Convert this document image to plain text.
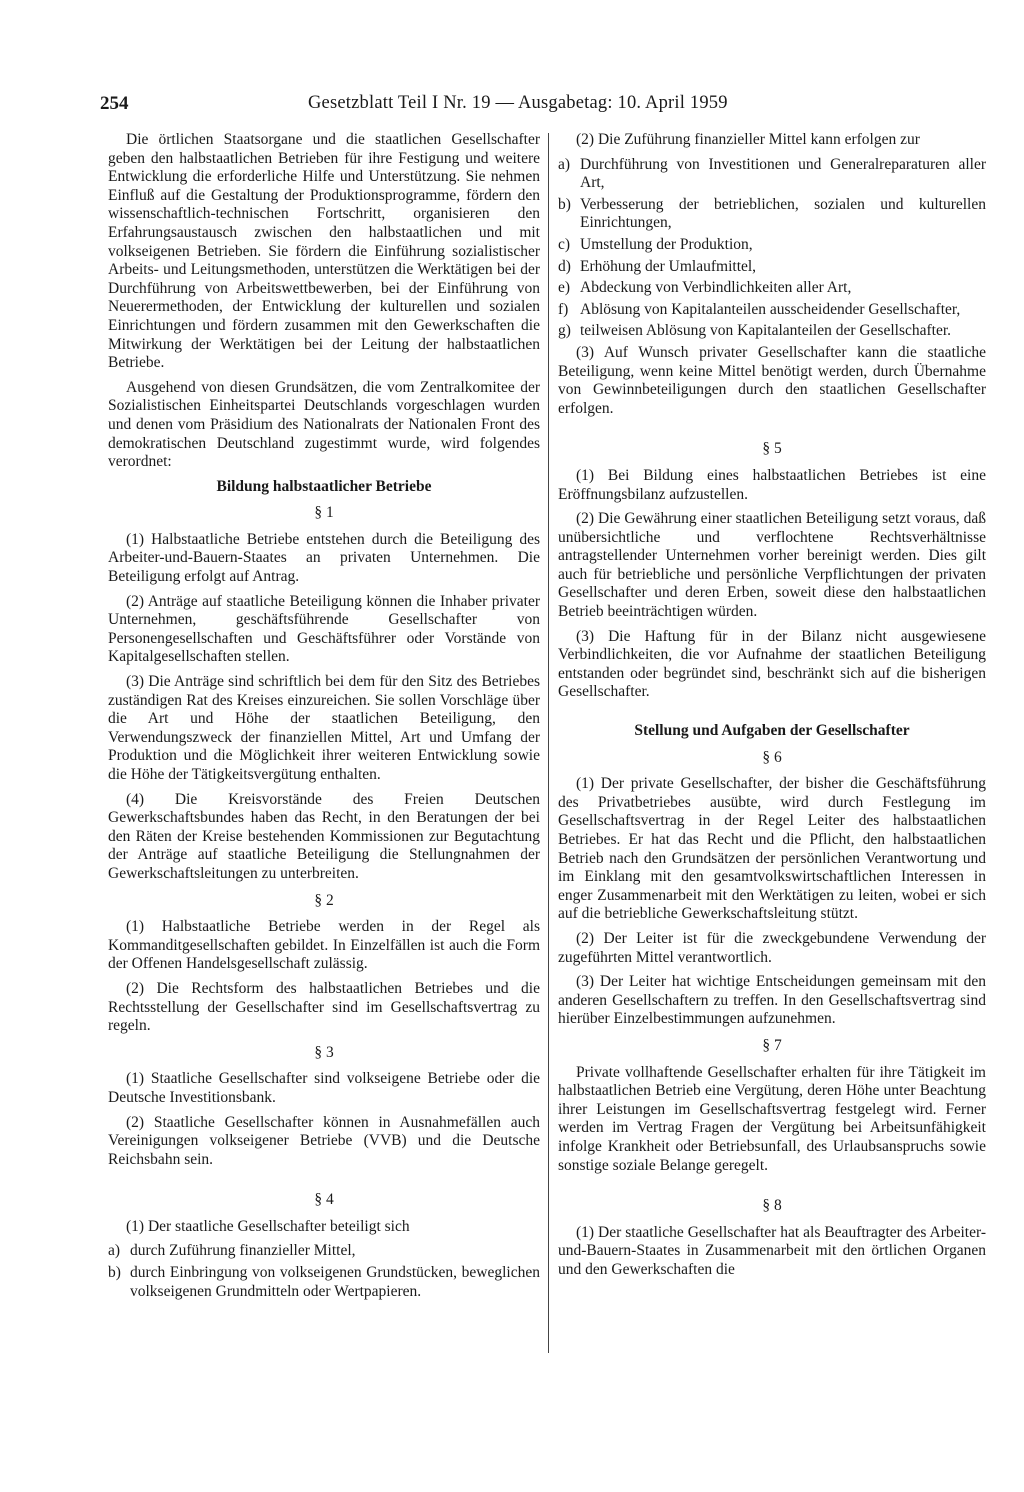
254	Gesetzblatt Teil I Nr. 19 — Ausgabetag: 10. April 1959

Die örtlichen Staatsorgane und die staatlichen Gesellschafter geben den halbstaatlichen Betrieben für ihre Festigung und weitere Entwicklung die erforderliche Hilfe und Unterstützung. Sie nehmen Einfluß auf die Gestaltung der Produktionsprogramme, fördern den wissenschaftlich-technischen Fortschritt, organisieren den Erfahrungsaustausch zwischen den halbstaatlichen und mit volkseigenen Betrieben. Sie fördern die Einführung sozialistischer Arbeits- und Leitungsmethoden, unterstützen die Werktätigen bei der Durchführung von Arbeitswettbewerben, bei der Einführung von Neuerermethoden, der Entwicklung der kulturellen und sozialen Einrichtungen und fördern zusammen mit den Gewerkschaften die Mitwirkung der Werktätigen bei der Leitung der halbstaatlichen Betriebe.

Ausgehend von diesen Grundsätzen, die vom Zentralkomitee der Sozialistischen Einheitspartei Deutschlands vorgeschlagen wurden und denen vom Präsidium des Nationalrats der Nationalen Front des demokratischen Deutschland zugestimmt wurde, wird folgendes verordnet:

Bildung halbstaatlicher Betriebe
§ 1

(1) Halbstaatliche Betriebe entstehen durch die Beteiligung des Arbeiter-und-Bauern-Staates an privaten Unternehmen. Die Beteiligung erfolgt auf Antrag.

(2) Anträge auf staatliche Beteiligung können die Inhaber privater Unternehmen, geschäftsführende Gesellschafter von Personengesellschaften und Geschäftsführer oder Vorstände von Kapitalgesellschaften stellen.

(3) Die Anträge sind schriftlich bei dem für den Sitz des Betriebes zuständigen Rat des Kreises einzureichen. Sie sollen Vorschläge über die Art und Höhe der staatlichen Beteiligung, den Verwendungszweck der finanziellen Mittel, Art und Umfang der Produktion und die Möglichkeit ihrer weiteren Entwicklung sowie die Höhe der Tätigkeitsvergütung enthalten.

(4) Die Kreisvorstände des Freien Deutschen Gewerkschaftsbundes haben das Recht, in den Beratungen der bei den Räten der Kreise bestehenden Kommissionen zur Begutachtung der Anträge auf staatliche Beteiligung die Stellungnahmen der Gewerkschaftsleitungen zu unterbreiten.

§ 2

(1) Halbstaatliche Betriebe werden in der Regel als Kommanditgesellschaften gebildet. In Einzelfällen ist auch die Form der Offenen Handelsgesellschaft zulässig.

(2) Die Rechtsform des halbstaatlichen Betriebes und die Rechtsstellung der Gesellschafter sind im Gesellschaftsvertrag zu regeln.

§ 3

(1) Staatliche Gesellschafter sind volkseigene Betriebe oder die Deutsche Investitionsbank.

(2) Staatliche Gesellschafter können in Ausnahmefällen auch Vereinigungen volkseigener Betriebe (VVB) und die Deutsche Reichsbahn sein.

§ 4

(1) Der staatliche Gesellschafter beteiligt sich

a) durch Zuführung finanzieller Mittel,
b) durch Einbringung von volkseigenen Grundstücken, beweglichen volkseigenen Grundmitteln oder Wertpapieren.

(2) Die Zuführung finanzieller Mittel kann erfolgen zur

a) Durchführung von Investitionen und Generalreparaturen aller Art,
b) Verbesserung der betrieblichen, sozialen und kulturellen Einrichtungen,
c) Umstellung der Produktion,
d) Erhöhung der Umlaufmittel,
e) Abdeckung von Verbindlichkeiten aller Art,
f) Ablösung von Kapitalanteilen ausscheidender Gesellschafter,
g) teilweisen Ablösung von Kapitalanteilen der Gesellschafter.

(3) Auf Wunsch privater Gesellschafter kann die staatliche Beteiligung, wenn keine Mittel benötigt werden, durch Übernahme von Gewinnbeteiligungen durch den staatlichen Gesellschafter erfolgen.

§ 5

(1) Bei Bildung eines halbstaatlichen Betriebes ist eine Eröffnungsbilanz aufzustellen.

(2) Die Gewährung einer staatlichen Beteiligung setzt voraus, daß unübersichtliche und verflochtene Rechtsverhältnisse antragstellender Unternehmen vorher bereinigt werden. Dies gilt auch für betriebliche und persönliche Verpflichtungen der privaten Gesellschafter und deren Erben, soweit diese den halbstaatlichen Betrieb beeinträchtigen würden.

(3) Die Haftung für in der Bilanz nicht ausgewiesene Verbindlichkeiten, die vor Aufnahme der staatlichen Beteiligung entstanden oder begründet sind, beschränkt sich auf die bisherigen Gesellschafter.

Stellung und Aufgaben der Gesellschafter
§ 6

(1) Der private Gesellschafter, der bisher die Geschäftsführung des Privatbetriebes ausübte, wird durch Festlegung im Gesellschaftsvertrag in der Regel Leiter des halbstaatlichen Betriebes. Er hat das Recht und die Pflicht, den halbstaatlichen Betrieb nach den Grundsätzen der persönlichen Verantwortung und im Einklang mit den gesamtvolkswirtschaftlichen Interessen in enger Zusammenarbeit mit den Werktätigen zu leiten, wobei er sich auf die betriebliche Gewerkschaftsleitung stützt.

(2) Der Leiter ist für die zweckgebundene Verwendung der zugeführten Mittel verantwortlich.

(3) Der Leiter hat wichtige Entscheidungen gemeinsam mit den anderen Gesellschaftern zu treffen. In den Gesellschaftsvertrag sind hierüber Einzelbestimmungen aufzunehmen.

§ 7

Private vollhaftende Gesellschafter erhalten für ihre Tätigkeit im halbstaatlichen Betrieb eine Vergütung, deren Höhe unter Beachtung ihrer Leistungen im Gesellschaftsvertrag festgelegt wird. Ferner werden im Vertrag Fragen der Vergütung bei Arbeitsunfähigkeit infolge Krankheit oder Betriebsunfall, des Urlaubsanspruchs sowie sonstige soziale Belange geregelt.

§ 8

(1) Der staatliche Gesellschafter hat als Beauftragter des Arbeiter-und-Bauern-Staates in Zusammenarbeit mit den örtlichen Organen und den Gewerkschaften die
